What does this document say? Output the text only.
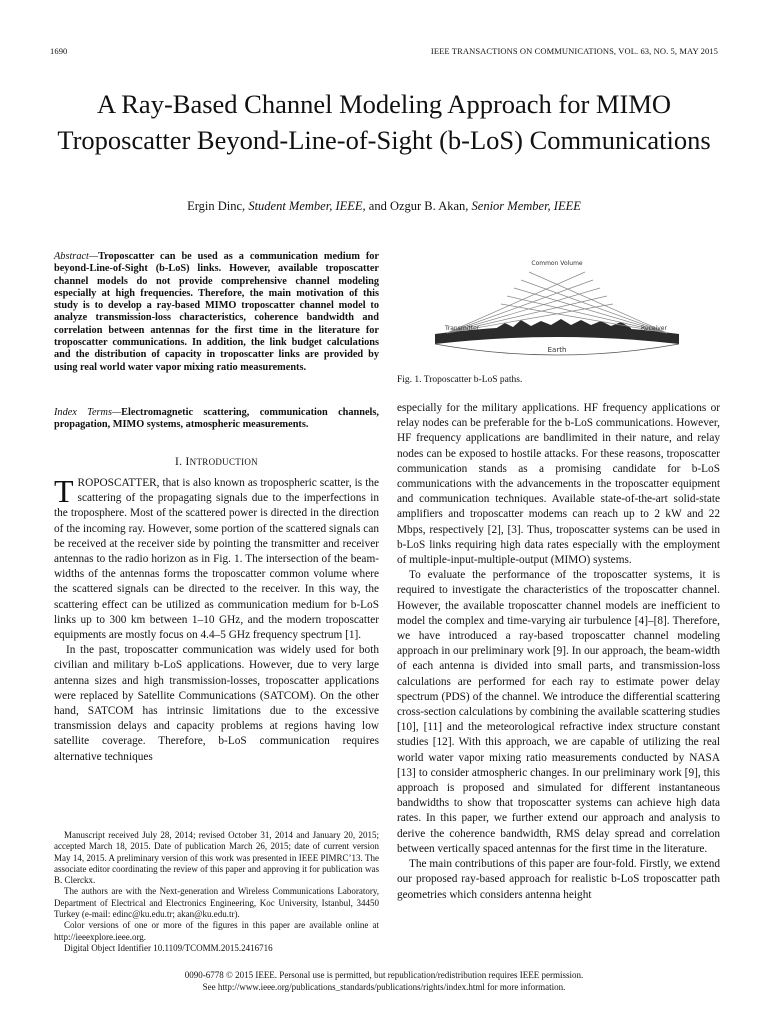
1690	IEEE TRANSACTIONS ON COMMUNICATIONS, VOL. 63, NO. 5, MAY 2015
A Ray-Based Channel Modeling Approach for MIMO Troposcatter Beyond-Line-of-Sight (b-LoS) Communications
Ergin Dinc, Student Member, IEEE, and Ozgur B. Akan, Senior Member, IEEE
Abstract—Troposcatter can be used as a communication medium for beyond-Line-of-Sight (b-LoS) links. However, available troposcatter channel models do not provide comprehensive channel modeling especially at high frequencies. Therefore, the main motivation of this study is to develop a ray-based MIMO troposcatter channel model to analyze transmission-loss characteristics, coherence bandwidth and correlation between antennas for the first time in the literature for troposcatter communications. In addition, the link budget calculations and the distribution of capacity in troposcatter links are provided by using real world water vapor mixing ratio measurements.
Index Terms—Electromagnetic scattering, communication channels, propagation, MIMO systems, atmospheric measurements.
I. INTRODUCTION

TROPOSCATTER, that is also known as tropospheric scatter, is the scattering of the propagating signals due to the imperfections in the troposphere. Most of the scattered power is directed in the direction of the incoming ray. However, some portion of the scattered signals can be received at the receiver side by pointing the transmitter and receiver antennas to the radio horizon as in Fig. 1. The intersection of the beam-widths of the antennas forms the troposcatter common volume where the scattered signals can be directed to the receiver. In this way, the scattering effect can be utilized as communication medium for b-LoS links up to 300 km between 1–10 GHz, and the modern troposcatter equipments are mostly focus on 4.4–5 GHz frequency spectrum [1].

In the past, troposcatter communication was widely used for both civilian and military b-LoS applications. However, due to very large antenna sizes and high transmission-losses, troposcatter applications were replaced by Satellite Communications (SATCOM). On the other hand, SATCOM has intrinsic limitations due to the excessive transmission delays and capacity problems at regions having low satellite coverage. Therefore, b-LoS communication requires alternative techniques

Manuscript received July 28, 2014; revised October 31, 2014 and January 20, 2015; accepted March 18, 2015. Date of publication March 26, 2015; date of current version May 14, 2015. A preliminary version of this work was presented in IEEE PIMRC’13. The associate editor coordinating the review of this paper and approving it for publication was B. Clerckx.

The authors are with the Next-generation and Wireless Communications Laboratory, Department of Electrical and Electronics Engineering, Koc University, Istanbul, 34450 Turkey (e-mail: edinc@ku.edu.tr; akan@ku.edu.tr).

Color versions of one or more of the figures in this paper are available online at http://ieeexplore.ieee.org.

Digital Object Identifier 10.1109/TCOMM.2015.2416716

Common Volume
Transmitter	Receiver
Earth
Fig. 1. Troposcatter b-LoS paths.

especially for the military applications. HF frequency applications or relay nodes can be preferable for the b-LoS communications. However, HF frequency applications are bandlimited in their nature, and relay nodes can be exposed to hostile attacks. For these reasons, troposcatter communication stands as a promising candidate for b-LoS communications with the advancements in the troposcatter equipment and communication techniques. Available state-of-the-art solid-state amplifiers and troposcatter modems can reach up to 2 kW and 22 Mbps, respectively [2], [3]. Thus, troposcatter systems can be used in b-LoS links requiring high data rates especially with the employment of multiple-input-multiple-output (MIMO) systems.

To evaluate the performance of the troposcatter systems, it is required to investigate the characteristics of the troposcatter channel. However, the available troposcatter channel models are inefficient to model the complex and time-varying air turbulence [4]–[8]. Therefore, we have introduced a ray-based troposcatter channel modeling approach in our preliminary work [9]. In our approach, the beam-width of each antenna is divided into small parts, and transmission-loss calculations are performed for each ray to estimate power delay spectrum (PDS) of the channel. We introduce the differential scattering cross-section calculations by combining the available scattering studies [10], [11] and the meteorological refractive index structure constant studies [12]. With this approach, we are capable of utilizing the real world water vapor mixing ratio measurements conducted by NASA [13] to consider atmospheric changes. In our preliminary work [9], this approach is proposed and simulated for different instantaneous bandwidths to show that troposcatter systems can achieve high data rates. In this paper, we further extend our approach and analysis to derive the coherence bandwidth, RMS delay spread and correlation between vertically spaced antennas for the first time in the literature.

The main contributions of this paper are four-fold. Firstly, we extend our proposed ray-based approach for realistic b-LoS troposcatter path geometries which considers antenna height

0090-6778 © 2015 IEEE. Personal use is permitted, but republication/redistribution requires IEEE permission.
See http://www.ieee.org/publications_standards/publications/rights/index.html for more information.
